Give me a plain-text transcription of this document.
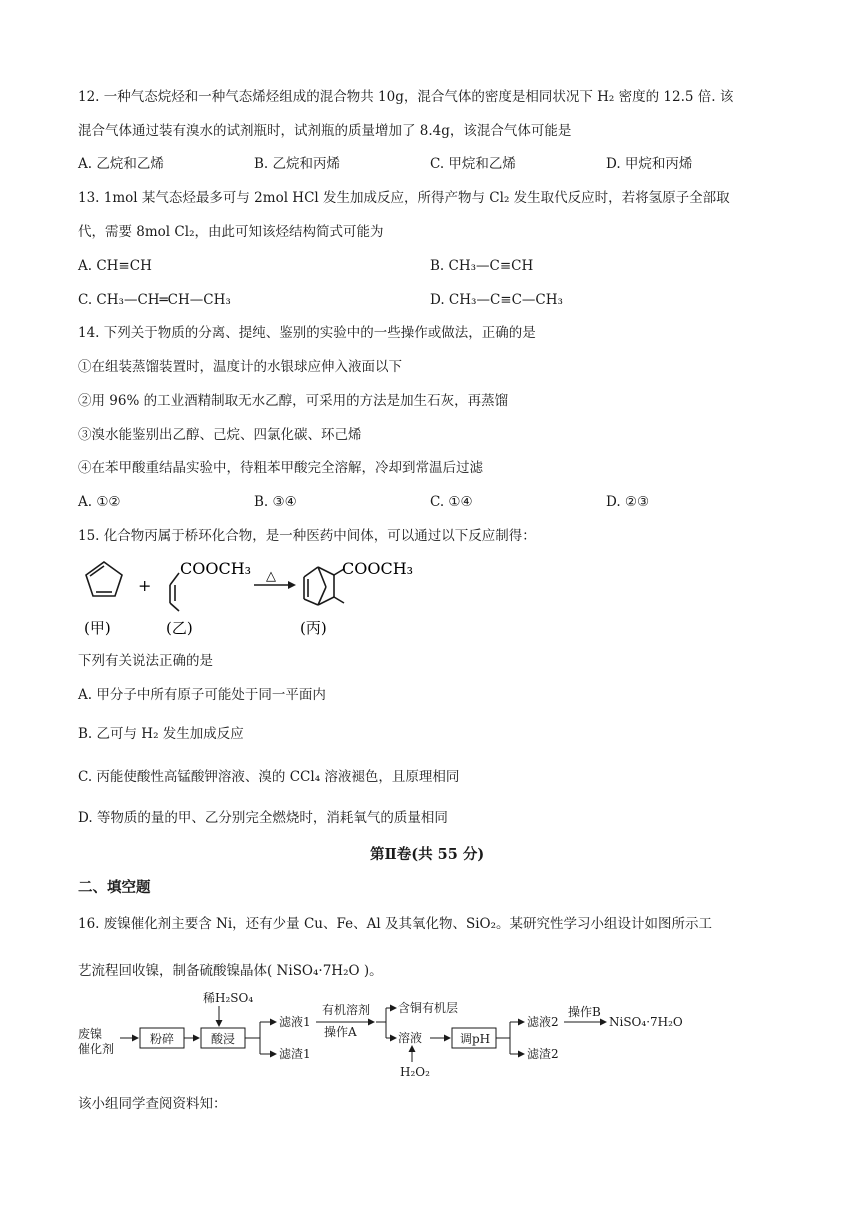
12. 一种气态烷烃和一种气态烯烃组成的混合物共 10g，混合气体的密度是相同状况下 H₂ 密度的 12.5 倍. 该
混合气体通过装有溴水的试剂瓶时，试剂瓶的质量增加了 8.4g，该混合气体可能是
A. 乙烷和乙烯	B. 乙烷和丙烯	C. 甲烷和乙烯	D. 甲烷和丙烯
13. 1mol 某气态烃最多可与 2mol HCl 发生加成反应，所得产物与 Cl₂ 发生取代反应时，若将氢原子全部取
代，需要 8mol Cl₂，由此可知该烃结构简式可能为
A. CH≡CH	B. CH₃—C≡CH
C. CH₃—CH═CH—CH₃	D. CH₃—C≡C—CH₃
14. 下列关于物质的分离、提纯、鉴别的实验中的一些操作或做法，正确的是
①在组装蒸馏装置时，温度计的水银球应伸入液面以下
②用 96% 的工业酒精制取无水乙醇，可采用的方法是加生石灰，再蒸馏
③溴水能鉴别出乙醇、己烷、四氯化碳、环己烯
④在苯甲酸重结晶实验中，待粗苯甲酸完全溶解，冷却到常温后过滤
A. ①②	B. ③④	C. ①④	D. ②③
15. 化合物丙属于桥环化合物，是一种医药中间体，可以通过以下反应制得：
+
COOCH₃ △	COOCH₃
(甲)	(乙)	(丙)
下列有关说法正确的是
A. 甲分子中所有原子可能处于同一平面内
B. 乙可与 H₂ 发生加成反应
C. 丙能使酸性高锰酸钾溶液、溴的 CCl₄ 溶液褪色，且原理相同
D. 等物质的量的甲、乙分别完全燃烧时，消耗氧气的质量相同
第Ⅱ卷(共 55 分)
二、填空题
16. 废镍催化剂主要含 Ni，还有少量 Cu、Fe、Al 及其氧化物、SiO₂。某研究性学习小组设计如图所示工
艺流程回收镍，制备硫酸镍晶体( NiSO₄·7H₂O )。
废镍
催化剂
稀H₂SO₄
粉碎	酸浸
滤液1
滤渣1
有机溶剂
操作A
含铜有机层
溶液
H₂O₂
调pH
滤液2
滤渣2
操作B
NiSO₄·7H₂O
该小组同学查阅资料知：
